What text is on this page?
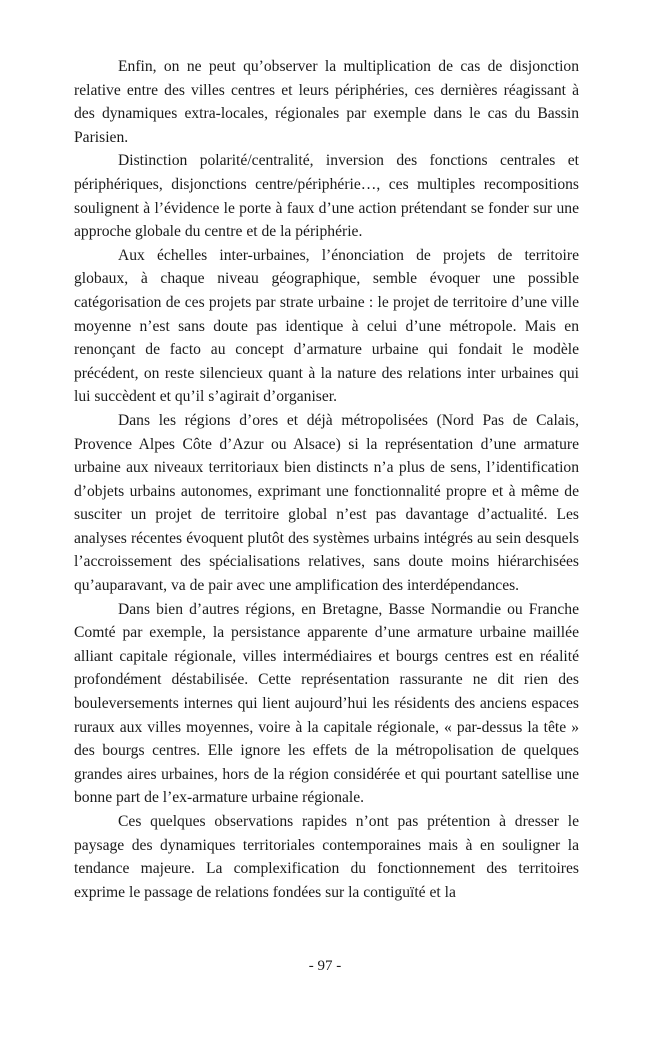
Enfin, on ne peut qu’observer la multiplication de cas de disjonction relative entre des villes centres et leurs périphéries, ces dernières réagissant à des dynamiques extra-locales, régionales par exemple dans le cas du Bassin Parisien.

Distinction polarité/centralité, inversion des fonctions centrales et périphériques, disjonctions centre/périphérie…, ces multiples recompositions soulignent à l’évidence le porte à faux d’une action prétendant se fonder sur une approche globale du centre et de la périphérie.

Aux échelles inter-urbaines, l’énonciation de projets de territoire globaux, à chaque niveau géographique, semble évoquer une possible catégorisation de ces projets par strate urbaine : le projet de territoire d’une ville moyenne n’est sans doute pas identique à celui d’une métropole. Mais en renonçant de facto au concept d’armature urbaine qui fondait le modèle précédent, on reste silencieux quant à la nature des relations inter urbaines qui lui succèdent et qu’il s’agirait d’organiser.

Dans les régions d’ores et déjà métropolisées (Nord Pas de Calais, Provence Alpes Côte d’Azur ou Alsace) si la représentation d’une armature urbaine aux niveaux territoriaux bien distincts n’a plus de sens, l’identification d’objets urbains autonomes, exprimant une fonctionnalité propre et à même de susciter un projet de territoire global n’est pas davantage d’actualité. Les analyses récentes évoquent plutôt des systèmes urbains intégrés au sein desquels l’accroissement des spécialisations relatives, sans doute moins hiérarchisées qu’auparavant, va de pair avec une amplification des interdépendances.

Dans bien d’autres régions, en Bretagne, Basse Normandie ou Franche Comté par exemple, la persistance apparente d’une armature urbaine maillée alliant capitale régionale, villes intermédiaires et bourgs centres est en réalité profondément déstabilisée. Cette représentation rassurante ne dit rien des bouleversements internes qui lient aujourd’hui les résidents des anciens espaces ruraux aux villes moyennes, voire à la capitale régionale, « par-dessus la tête » des bourgs centres. Elle ignore les effets de la métropolisation de quelques grandes aires urbaines, hors de la région considérée et qui pourtant satellise une bonne part de l’ex-armature urbaine régionale.

Ces quelques observations rapides n’ont pas prétention à dresser le paysage des dynamiques territoriales contemporaines mais à en souligner la tendance majeure. La complexification du fonctionnement des territoires exprime le passage de relations fondées sur la contiguïté et la

- 97 -
